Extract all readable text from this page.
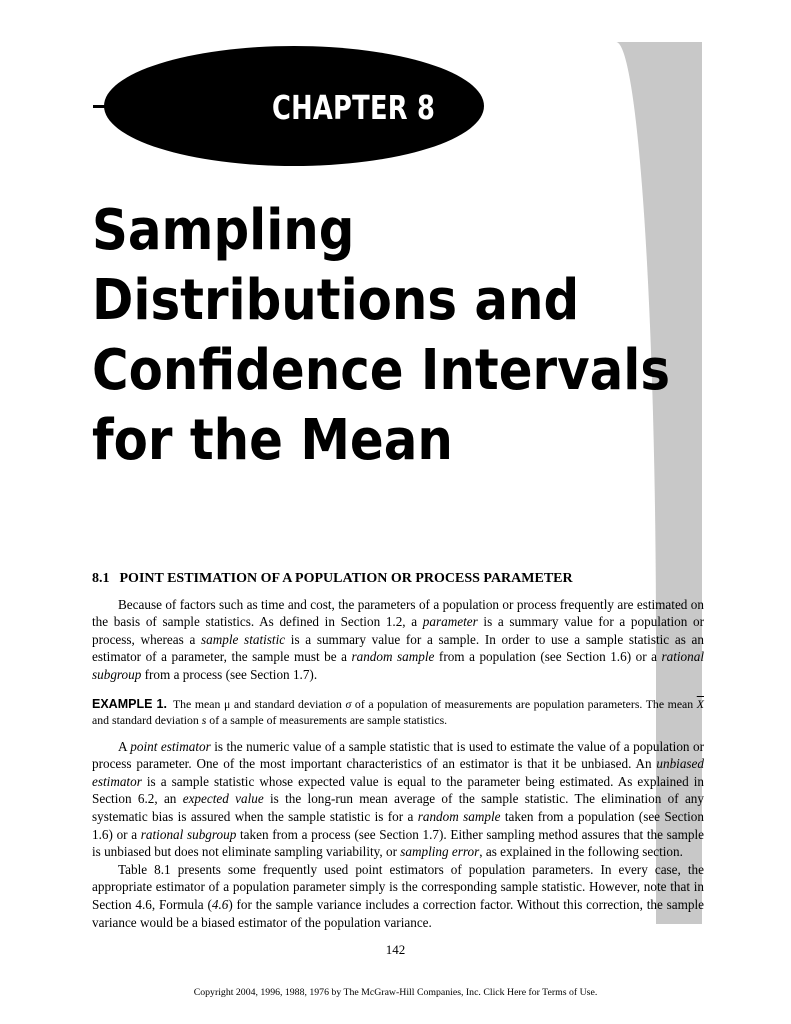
CHAPTER 8
Sampling
Distributions and
Confidence Intervals
for the Mean
8.1 POINT ESTIMATION OF A POPULATION OR PROCESS PARAMETER

Because of factors such as time and cost, the parameters of a population or process frequently are estimated on the basis of sample statistics. As defined in Section 1.2, a parameter is a summary value for a population or process, whereas a sample statistic is a summary value for a sample. In order to use a sample statistic as an estimator of a parameter, the sample must be a random sample from a population (see Section 1.6) or a rational subgroup from a process (see Section 1.7).

EXAMPLE 1. The mean μ and standard deviation σ of a population of measurements are population parameters. The mean $\overline{X}$ and standard deviation s of a sample of measurements are sample statistics.

A point estimator is the numeric value of a sample statistic that is used to estimate the value of a population or process parameter. One of the most important characteristics of an estimator is that it be unbiased. An unbiased estimator is a sample statistic whose expected value is equal to the parameter being estimated. As explained in Section 6.2, an expected value is the long-run mean average of the sample statistic. The elimination of any systematic bias is assured when the sample statistic is for a random sample taken from a population (see Section 1.6) or a rational subgroup taken from a process (see Section 1.7). Either sampling method assures that the sample is unbiased but does not eliminate sampling variability, or sampling error, as explained in the following section.

Table 8.1 presents some frequently used point estimators of population parameters. In every case, the appropriate estimator of a population parameter simply is the corresponding sample statistic. However, note that in Section 4.6, Formula (4.6) for the sample variance includes a correction factor. Without this correction, the sample variance would be a biased estimator of the population variance.

142
Copyright 2004, 1996, 1988, 1976 by The McGraw-Hill Companies, Inc. Click Here for Terms of Use.
